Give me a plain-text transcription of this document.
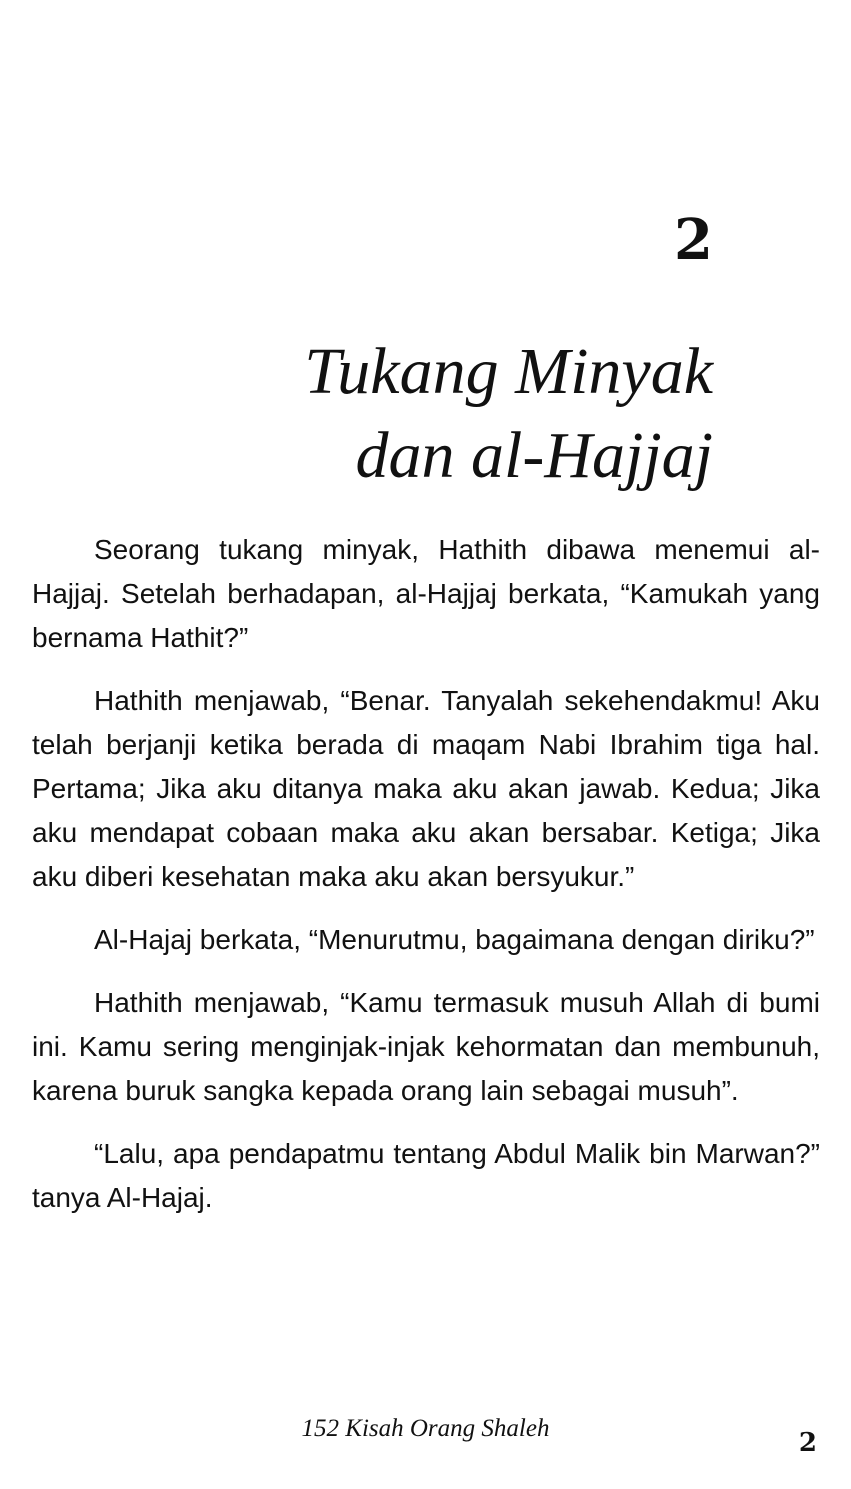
2
Tukang Minyak
dan al-Hajjaj

Seorang tukang minyak, Hathith dibawa menemui al-Hajjaj. Setelah berhadapan, al-Hajjaj berkata, “Kamukah yang bernama Hathit?”

Hathith menjawab, “Benar. Tanyalah sekehendakmu! Aku telah berjanji ketika berada di maqam Nabi Ibrahim tiga hal. Pertama; Jika aku ditanya maka aku akan jawab. Kedua; Jika aku mendapat cobaan maka aku akan bersabar. Ketiga; Jika aku diberi kesehatan maka aku akan bersyukur.”

Al-Hajaj berkata, “Menurutmu, bagaimana dengan diriku?”

Hathith menjawab, “Kamu termasuk musuh Allah di bumi ini. Kamu sering menginjak-injak kehormatan dan membunuh, karena buruk sangka kepada orang lain sebagai musuh”.

“Lalu, apa pendapatmu tentang Abdul Malik bin Marwan?” tanya Al-Hajaj.

152 Kisah Orang Shaleh	2
